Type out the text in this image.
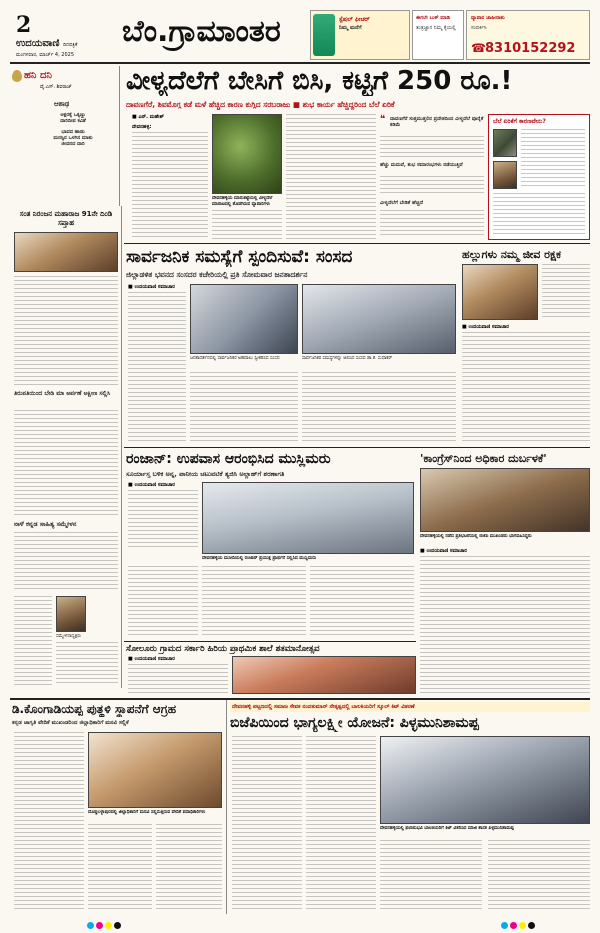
2
ಉದಯವಾಣಿ ದಿನಪತ್ರಿಕೆ
ಮಂಗಳವಾರ, ಮಾರ್ಚ್‌ 4, 2025
ಬೆಂ.ಗ್ರಾಮಾಂತರ	ಸ್ಪೆಷಲ್‌ ಫೀಚರ್‌
ನಿಮ್ಮ ಮನೆಗೆ
ಈಗಲೇ ಬುಕ್‌ ಮಾಡಿ
ತಂತ್ರಜ್ಞಾನ ನಿಮ್ಮ ಕೈಯಲ್ಲಿ
ವ್ಯಾಪಾರ ಜಾಹೀರಾತು
ಸಂಪರ್ಕಿಸಿ
☎ 8310152292
ಹನಿ ದನಿ
ವೈ.ಎಸ್‌. ಶಿವರಾಜ್
ಆಶಾಢ
ಅಕ್ಷರಕ್ಕೆ ಒಕ್ಕಣ್ಣು
ದಾರಿದೀಪ ಕವಿತೆ
ಭಾವದ ಹಾಡು
ಮನಸ್ಸಿನ ಒಳಗಿನ ಮಾತು
ಜೀವನದ ದಾರಿ
ಸಂತ ನಿರಂಜನ ಮಹಾರಾಜ 91ನೇ ದಿಂಡಿ ಸಪ್ತಾಹ
ತಿರುಪತಿಯಿಂದ ಬೇಡಿ ಮಾ ಅರ್ಪಣೆ ಅಕ್ಷೀಣ ಸಲ್ಲಿಸಿ
ನಾಳೆ ಕನ್ನಡ ಸಾಹಿತ್ಯ ಸಮ್ಮೇಳನ
ಸಮ್ಮೇಳನಾಧ್ಯಕ್ಷರು
ವೀಳ್ಯದೆಲೆಗೆ ಬೇಸಿಗೆ ಬಿಸಿ, ಕಟ್ಟಿಗೆ 250 ರೂ.!
ದಾವಣಗೆರೆ, ಶಿವಮೊಗ್ಗ ಕಡೆ ಮಳೆ ಹೆಚ್ಚಿದ ಕಾರಣ ಕುಗ್ಗಿದ ಸರಬರಾಜು ■ ಶುಭ ಕಾರ್ಯ ಹೆಚ್ಚಿದ್ದರಿಂದ ಬೆಲೆ ಏರಿಕೆ
■ ಎನ್‌. ಮಹೇಶ್
ದೇವನಹಳ್ಳಿ:
ದೇವನಹಳ್ಳಿಯ ಮಾರುಕಟ್ಟೆಯಲ್ಲಿ ವೀಳ್ಯದೆಲೆ ಮಾರಾಟದಲ್ಲಿ ತೊಡಗಿರುವ ವ್ಯಾಪಾರಿಗಳು
❝ ದಾವಣಗೆರೆ ಸುತ್ತಮುತ್ತಲಿನ ಪ್ರದೇಶದಿಂದ ವೀಳ್ಯದೆಲೆ ಪೂರೈಕೆ ಕಡಿಮೆ
ಹೆಚ್ಚು ಮದುವೆ, ಶುಭ ಸಮಾರಂಭಗಳು ನಡೆಯುತ್ತಿವೆ
ವೀಳ್ಯದೆಲೆಗೆ ಬೇಡಿಕೆ ಹೆಚ್ಚಿದೆ
ಬೆಲೆ ಏರಿಕೆಗೆ ಕಾರಣವೇನು?
ಸಾರ್ವಜನಿಕ ಸಮಸ್ಯೆಗೆ ಸ್ಪಂದಿಸುವೆ: ಸಂಸದ
ಜಿಲ್ಲಾಡಳಿತ ಭವನದ ಸಂಸದರ ಕಚೇರಿಯಲ್ಲಿ ಪ್ರತಿ ಸೋಮವಾರ ಜನತಾದರ್ಶನ
■ ಉದಯವಾಣಿ ಸಮಾಚಾರ
ಜನತಾದರ್ಶನದಲ್ಲಿ ಸಾರ್ವಜನಿಕರ ಅಹವಾಲು ಸ್ವೀಕರಿಸಿದ ಸಂಸದ	ಸಾರ್ವಜನಿಕರ ಸಮಸ್ಯೆಗಳನ್ನು ಆಲಿಸಿದ ಸಂಸದ ಡಾ.ಕೆ. ಸುಧಾಕರ್
ಹಲ್ಲುಗಳು ನಮ್ಮ ಜೀವ ರಕ್ಷಕ
■ ಉದಯವಾಣಿ ಸಮಾಚಾರ
ರಂಜಾನ್: ಉಪವಾಸ ಆರಂಭಿಸಿದ ಮುಸ್ಲಿಮರು
ಸೂರ್ಯಾಸ್ತ ಬಳಿಕ ಅನ್ನ, ಪಾನೀಯ ಚಟುವಟಿಕೆ ತ್ಯಜಿಸಿ ಅಲ್ಲಾಹ್‌ಗೆ ಶರಣಾಗತಿ
■ ಉದಯವಾಣಿ ಸಮಾಚಾರ
ದೇವನಹಳ್ಳಿಯ ಮಸೀದಿಯಲ್ಲಿ ರಂಜಾನ್ ಪ್ರಯುಕ್ತ ಪ್ರಾರ್ಥನೆ ಸಲ್ಲಿಸಿದ ಮುಸ್ಲಿಮರು
'ಕಾಂಗ್ರೆಸ್‌ನಿಂದ ಅಧಿಕಾರ ದುರ್ಬಳಕೆ'
ದೇವನಹಳ್ಳಿಯಲ್ಲಿ ನಡೆದ ಪ್ರತಿಭಟನೆಯಲ್ಲಿ ಬಿಜೆಪಿ ಮುಖಂಡರು ಭಾಗವಹಿಸಿದ್ದರು
■ ಉದಯವಾಣಿ ಸಮಾಚಾರ
ಸೋಲೂರು ಗ್ರಾಮದ ಸರ್ಕಾರಿ ಹಿರಿಯ ಪ್ರಾಥಮಿಕ ಶಾಲೆ ಶತಮಾನೋತ್ಸವ
■ ಉದಯವಾಣಿ ಸಮಾಚಾರ
ಡಿ.ಕೊಂಗಾಡಿಯಪ್ಪ ಪುತ್ಥಳಿ ಸ್ಥಾಪನೆಗೆ ಆಗ್ರಹ
ಕನ್ನಡ ಜಾಗೃತಿ ವೇದಿಕೆ ಮುಖಂಡರಿಂದ ಜಿಲ್ಲಾಧಿಕಾರಿಗೆ ಮನವಿ ಸಲ್ಲಿಕೆ
ದೊಡ್ಡಬಳ್ಳಾಪುರದಲ್ಲಿ ಜಿಲ್ಲಾಧಿಕಾರಿಗೆ ಮನವಿ ಸಲ್ಲಿಸುತ್ತಿರುವ ವೇದಿಕೆ ಪದಾಧಿಕಾರಿಗಳು
ದೇವನಹಳ್ಳಿ ಪಟ್ಟಣದಲ್ಲಿ ಸಮಾಜ ಸೇವಕ ನಂದಕುಮಾರ್ ನೇತೃತ್ವದಲ್ಲಿ ಬಾಲಕಿಯರಿಗೆ ಸ್ಕೂಲ್ ಕಿಟ್ ವಿತರಣೆ
ಬಿಜೆಪಿಯಿಂದ ಭಾಗ್ಯಲಕ್ಷ್ಮೀ ಯೋಜನೆ: ಪಿಳ್ಳಮುನಿಶಾಮಪ್ಪ
ದೇವನಹಳ್ಳಿಯಲ್ಲಿ ಫಲಾನುಭವಿ ಬಾಲಕಿಯರಿಗೆ ಕಿಟ್ ವಿತರಿಸಿದ ಮಾಜಿ ಶಾಸಕ ಪಿಳ್ಳಮುನಿಶಾಮಪ್ಪ
